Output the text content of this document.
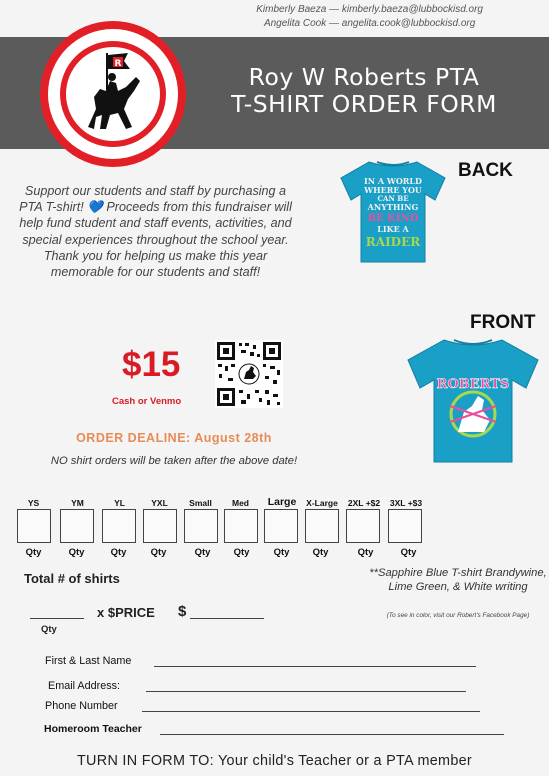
Kimberly Baeza — kimberly.baeza@lubbockisd.org
Angelita Cook — angelita.cook@lubbockisd.org
Roy W Roberts PTA
T-SHIRT ORDER FORM
R
Support our students and staff by purchasing a PTA T-shirt! 💙 Proceeds from this fundraiser will help fund student and staff events, activities, and special experiences throughout the school year. Thank you for helping us make this year memorable for our students and staff!
BACK
FRONT
IN A WORLD
WHERE YOU
CAN BE
ANYTHING
BE KIND
LIKE A
RAIDER
ROBERTS
$15
Cash or Venmo
ORDER DEALINE: August 28th
NO shirt orders will be taken after the above date!
YS	YM	YL	YXL	Small	Med	Large	X-Large	2XL +$2	3XL +$3
Qty	Qty	Qty	Qty	Qty	Qty	Qty	Qty	Qty	Qty
Total # of shirts
x $PRICE $
Qty
**Sapphire Blue T-shirt Brandywine, Lime Green, & White writing
(To see in color, visit our Robert's Facebook Page)
First & Last Name
Email Address:
Phone Number
Homeroom Teacher
TURN IN FORM TO: Your child's Teacher or a PTA member
